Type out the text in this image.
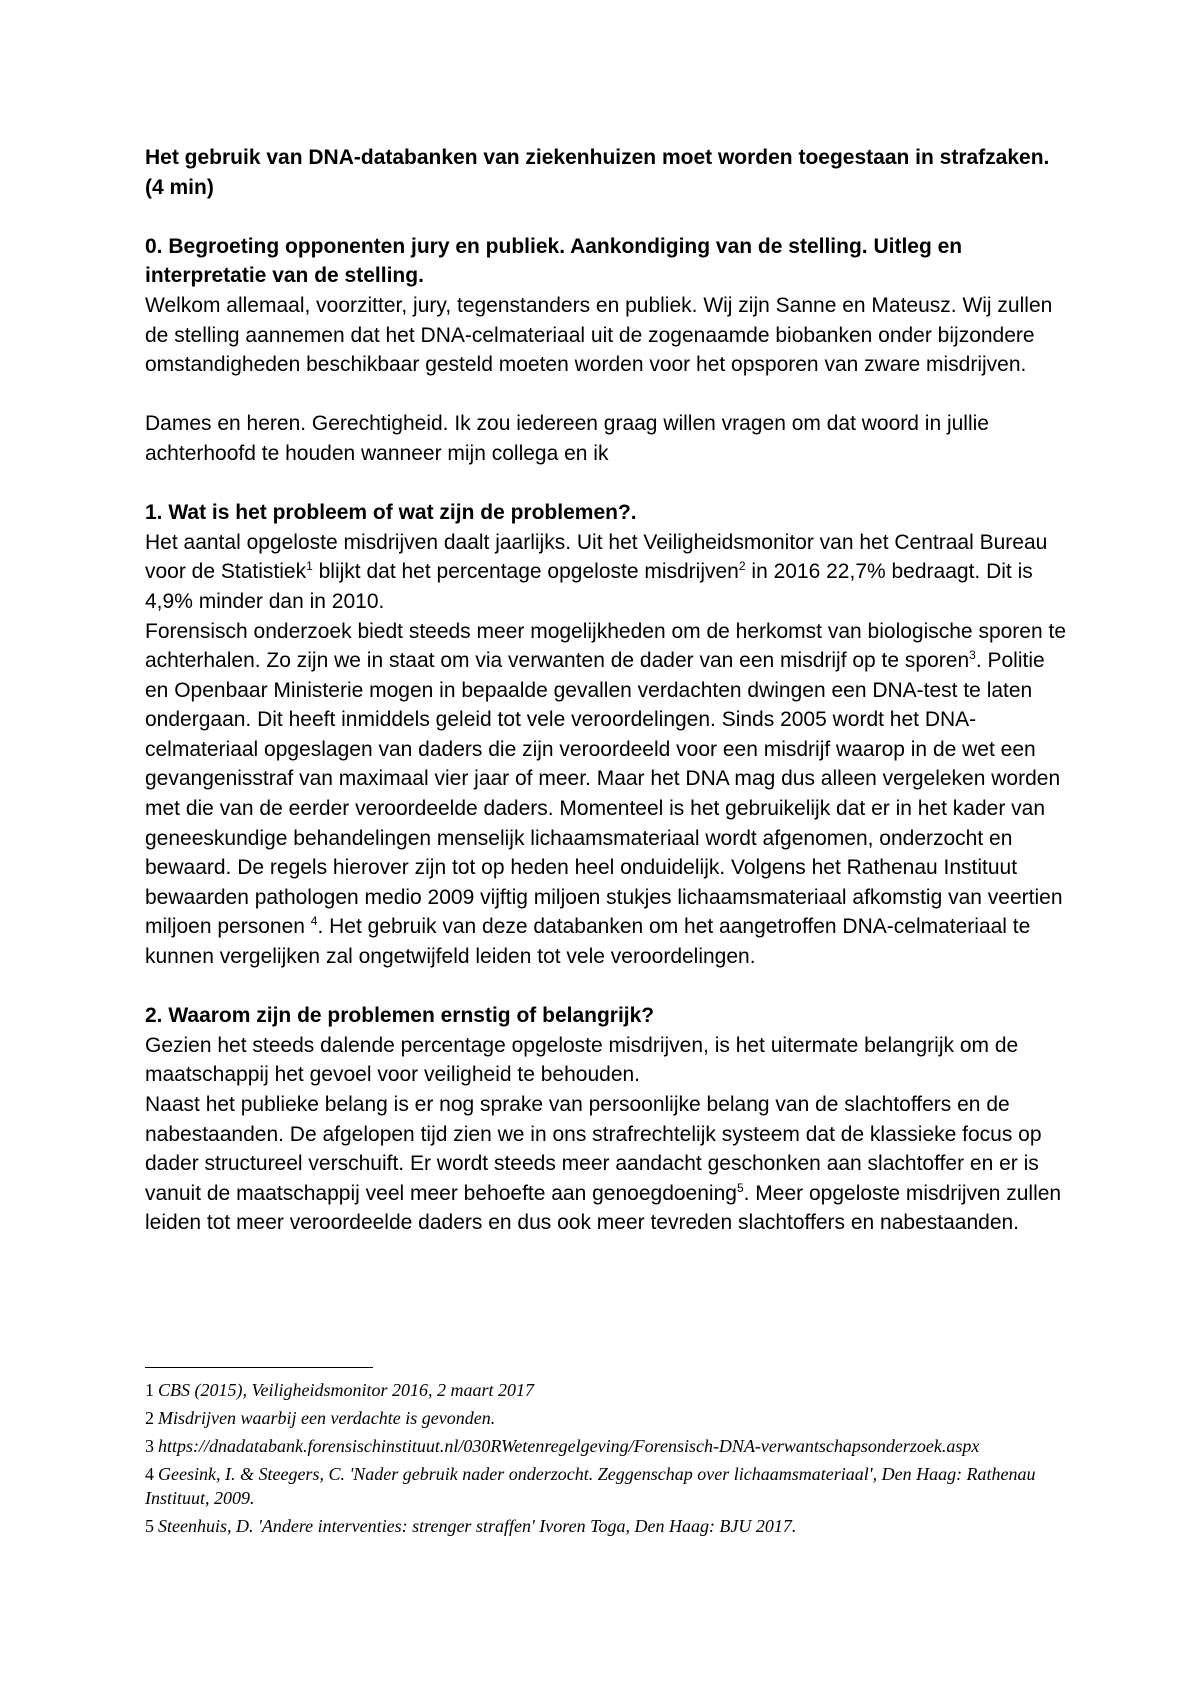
Het gebruik van DNA-databanken van ziekenhuizen moet worden toegestaan in strafzaken.
(4 min)

0. Begroeting opponenten jury en publiek. Aankondiging van de stelling. Uitleg en interpretatie van de stelling.

Welkom allemaal, voorzitter, jury, tegenstanders en publiek. Wij zijn Sanne en Mateusz. Wij zullen de stelling aannemen dat het DNA-celmateriaal uit de zogenaamde biobanken onder bijzondere omstandigheden beschikbaar gesteld moeten worden voor het opsporen van zware misdrijven.

Dames en heren. Gerechtigheid. Ik zou iedereen graag willen vragen om dat woord in jullie achterhoofd te houden wanneer mijn collega en ik

1. Wat is het probleem of wat zijn de problemen?.

Het aantal opgeloste misdrijven daalt jaarlijks. Uit het Veiligheidsmonitor van het Centraal Bureau voor de Statistiek$^1$ blijkt dat het percentage opgeloste misdrijven$^2$ in 2016 22,7% bedraagt. Dit is 4,9% minder dan in 2010.

Forensisch onderzoek biedt steeds meer mogelijkheden om de herkomst van biologische sporen te achterhalen. Zo zijn we in staat om via verwanten de dader van een misdrijf op te sporen$^3$. Politie en Openbaar Ministerie mogen in bepaalde gevallen verdachten dwingen een DNA-test te laten ondergaan. Dit heeft inmiddels geleid tot vele veroordelingen. Sinds 2005 wordt het DNA-celmateriaal opgeslagen van daders die zijn veroordeeld voor een misdrijf waarop in de wet een gevangenisstraf van maximaal vier jaar of meer. Maar het DNA mag dus alleen vergeleken worden met die van de eerder veroordeelde daders. Momenteel is het gebruikelijk dat er in het kader van geneeskundige behandelingen menselijk lichaamsmateriaal wordt afgenomen, onderzocht en bewaard. De regels hierover zijn tot op heden heel onduidelijk. Volgens het Rathenau Instituut bewaarden pathologen medio 2009 vijftig miljoen stukjes lichaamsmateriaal afkomstig van veertien miljoen personen $^4$. Het gebruik van deze databanken om het aangetroffen DNA-celmateriaal te kunnen vergelijken zal ongetwijfeld leiden tot vele veroordelingen.

2. Waarom zijn de problemen ernstig of belangrijk?

Gezien het steeds dalende percentage opgeloste misdrijven, is het uitermate belangrijk om de maatschappij het gevoel voor veiligheid te behouden.

Naast het publieke belang is er nog sprake van persoonlijke belang van de slachtoffers en de nabestaanden. De afgelopen tijd zien we in ons strafrechtelijk systeem dat de klassieke focus op dader structureel verschuift. Er wordt steeds meer aandacht geschonken aan slachtoffer en er is vanuit de maatschappij veel meer behoefte aan genoegdoening$^5$. Meer opgeloste misdrijven zullen leiden tot meer veroordeelde daders en dus ook meer tevreden slachtoffers en nabestaanden.

1 CBS (2015), Veiligheidsmonitor 2016, 2 maart 2017

2 Misdrijven waarbij een verdachte is gevonden.

3 https://dnadatabank.forensischinstituut.nl/030RWetenregelgeving/Forensisch-DNA-verwantschapsonderzoek.aspx

4 Geesink, I. & Steegers, C. 'Nader gebruik nader onderzocht. Zeggenschap over lichaamsmateriaal', Den Haag: Rathenau Instituut, 2009.

5 Steenhuis, D. 'Andere interventies: strenger straffen' Ivoren Toga, Den Haag: BJU 2017.
